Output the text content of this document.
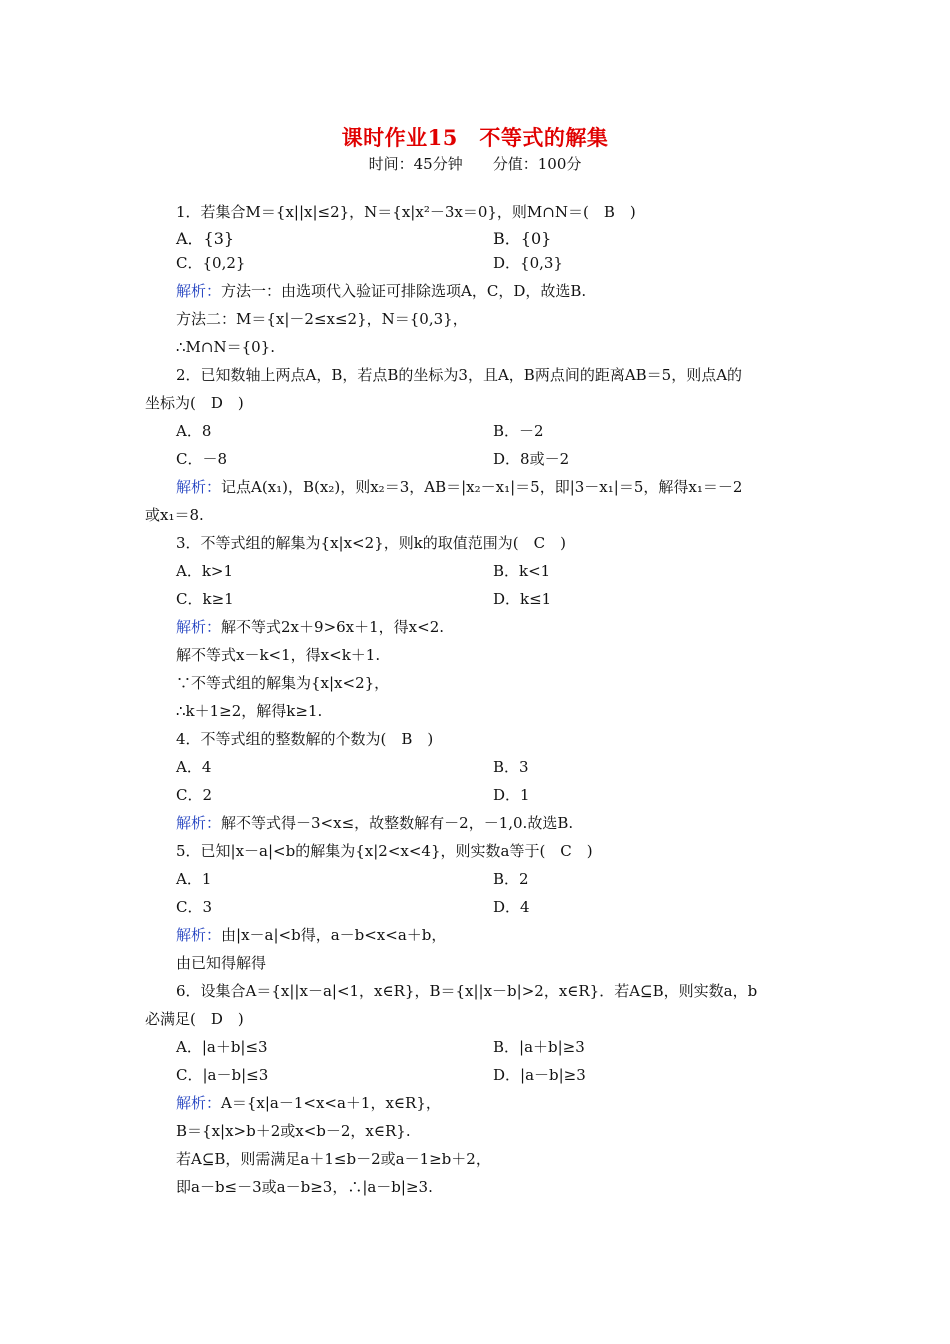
课时作业15　不等式的解集
时间：45分钟　　分值：100分
1．若集合M＝{x||x|≤2}，N＝{x|x²－3x＝0}，则M∩N＝(　B　)
A．{3}	B．{0}
C．{0,2}	D．{0,3}
解析：方法一：由选项代入验证可排除选项A，C，D，故选B.
方法二：M＝{x|－2≤x≤2}，N＝{0,3}，
∴M∩N＝{0}.
2．已知数轴上两点A，B，若点B的坐标为3，且A，B两点间的距离AB＝5，则点A的
坐标为(　D　)
A．8	B．－2
C．－8	D．8或－2
解析：记点A(x₁)，B(x₂)，则x₂＝3，AB＝|x₂－x₁|＝5，即|3－x₁|＝5，解得x₁＝－2
或x₁＝8.
3．不等式组的解集为{x|x<2}，则k的取值范围为(　C　)
A．k>1	B．k<1
C．k≥1	D．k≤1
解析：解不等式2x＋9>6x＋1，得x<2.
解不等式x－k<1，得x<k＋1.
∵不等式组的解集为{x|x<2}，
∴k＋1≥2，解得k≥1.
4．不等式组的整数解的个数为(　B　)
A．4	B．3
C．2	D．1
解析：解不等式得－3<x≤，故整数解有－2，－1,0.故选B.
5．已知|x－a|<b的解集为{x|2<x<4}，则实数a等于(　C　)
A．1	B．2
C．3	D．4
解析：由|x－a|<b得，a－b<x<a＋b，
由已知得解得
6．设集合A＝{x||x－a|<1，x∈R}，B＝{x||x－b|>2，x∈R}．若A⊆B，则实数a，b
必满足(　D　)
A．|a＋b|≤3	B．|a＋b|≥3
C．|a－b|≤3	D．|a－b|≥3
解析：A＝{x|a－1<x<a＋1，x∈R}，
B＝{x|x>b＋2或x<b－2，x∈R}.
若A⊆B，则需满足a＋1≤b－2或a－1≥b＋2，
即a－b≤－3或a－b≥3，∴|a－b|≥3.
